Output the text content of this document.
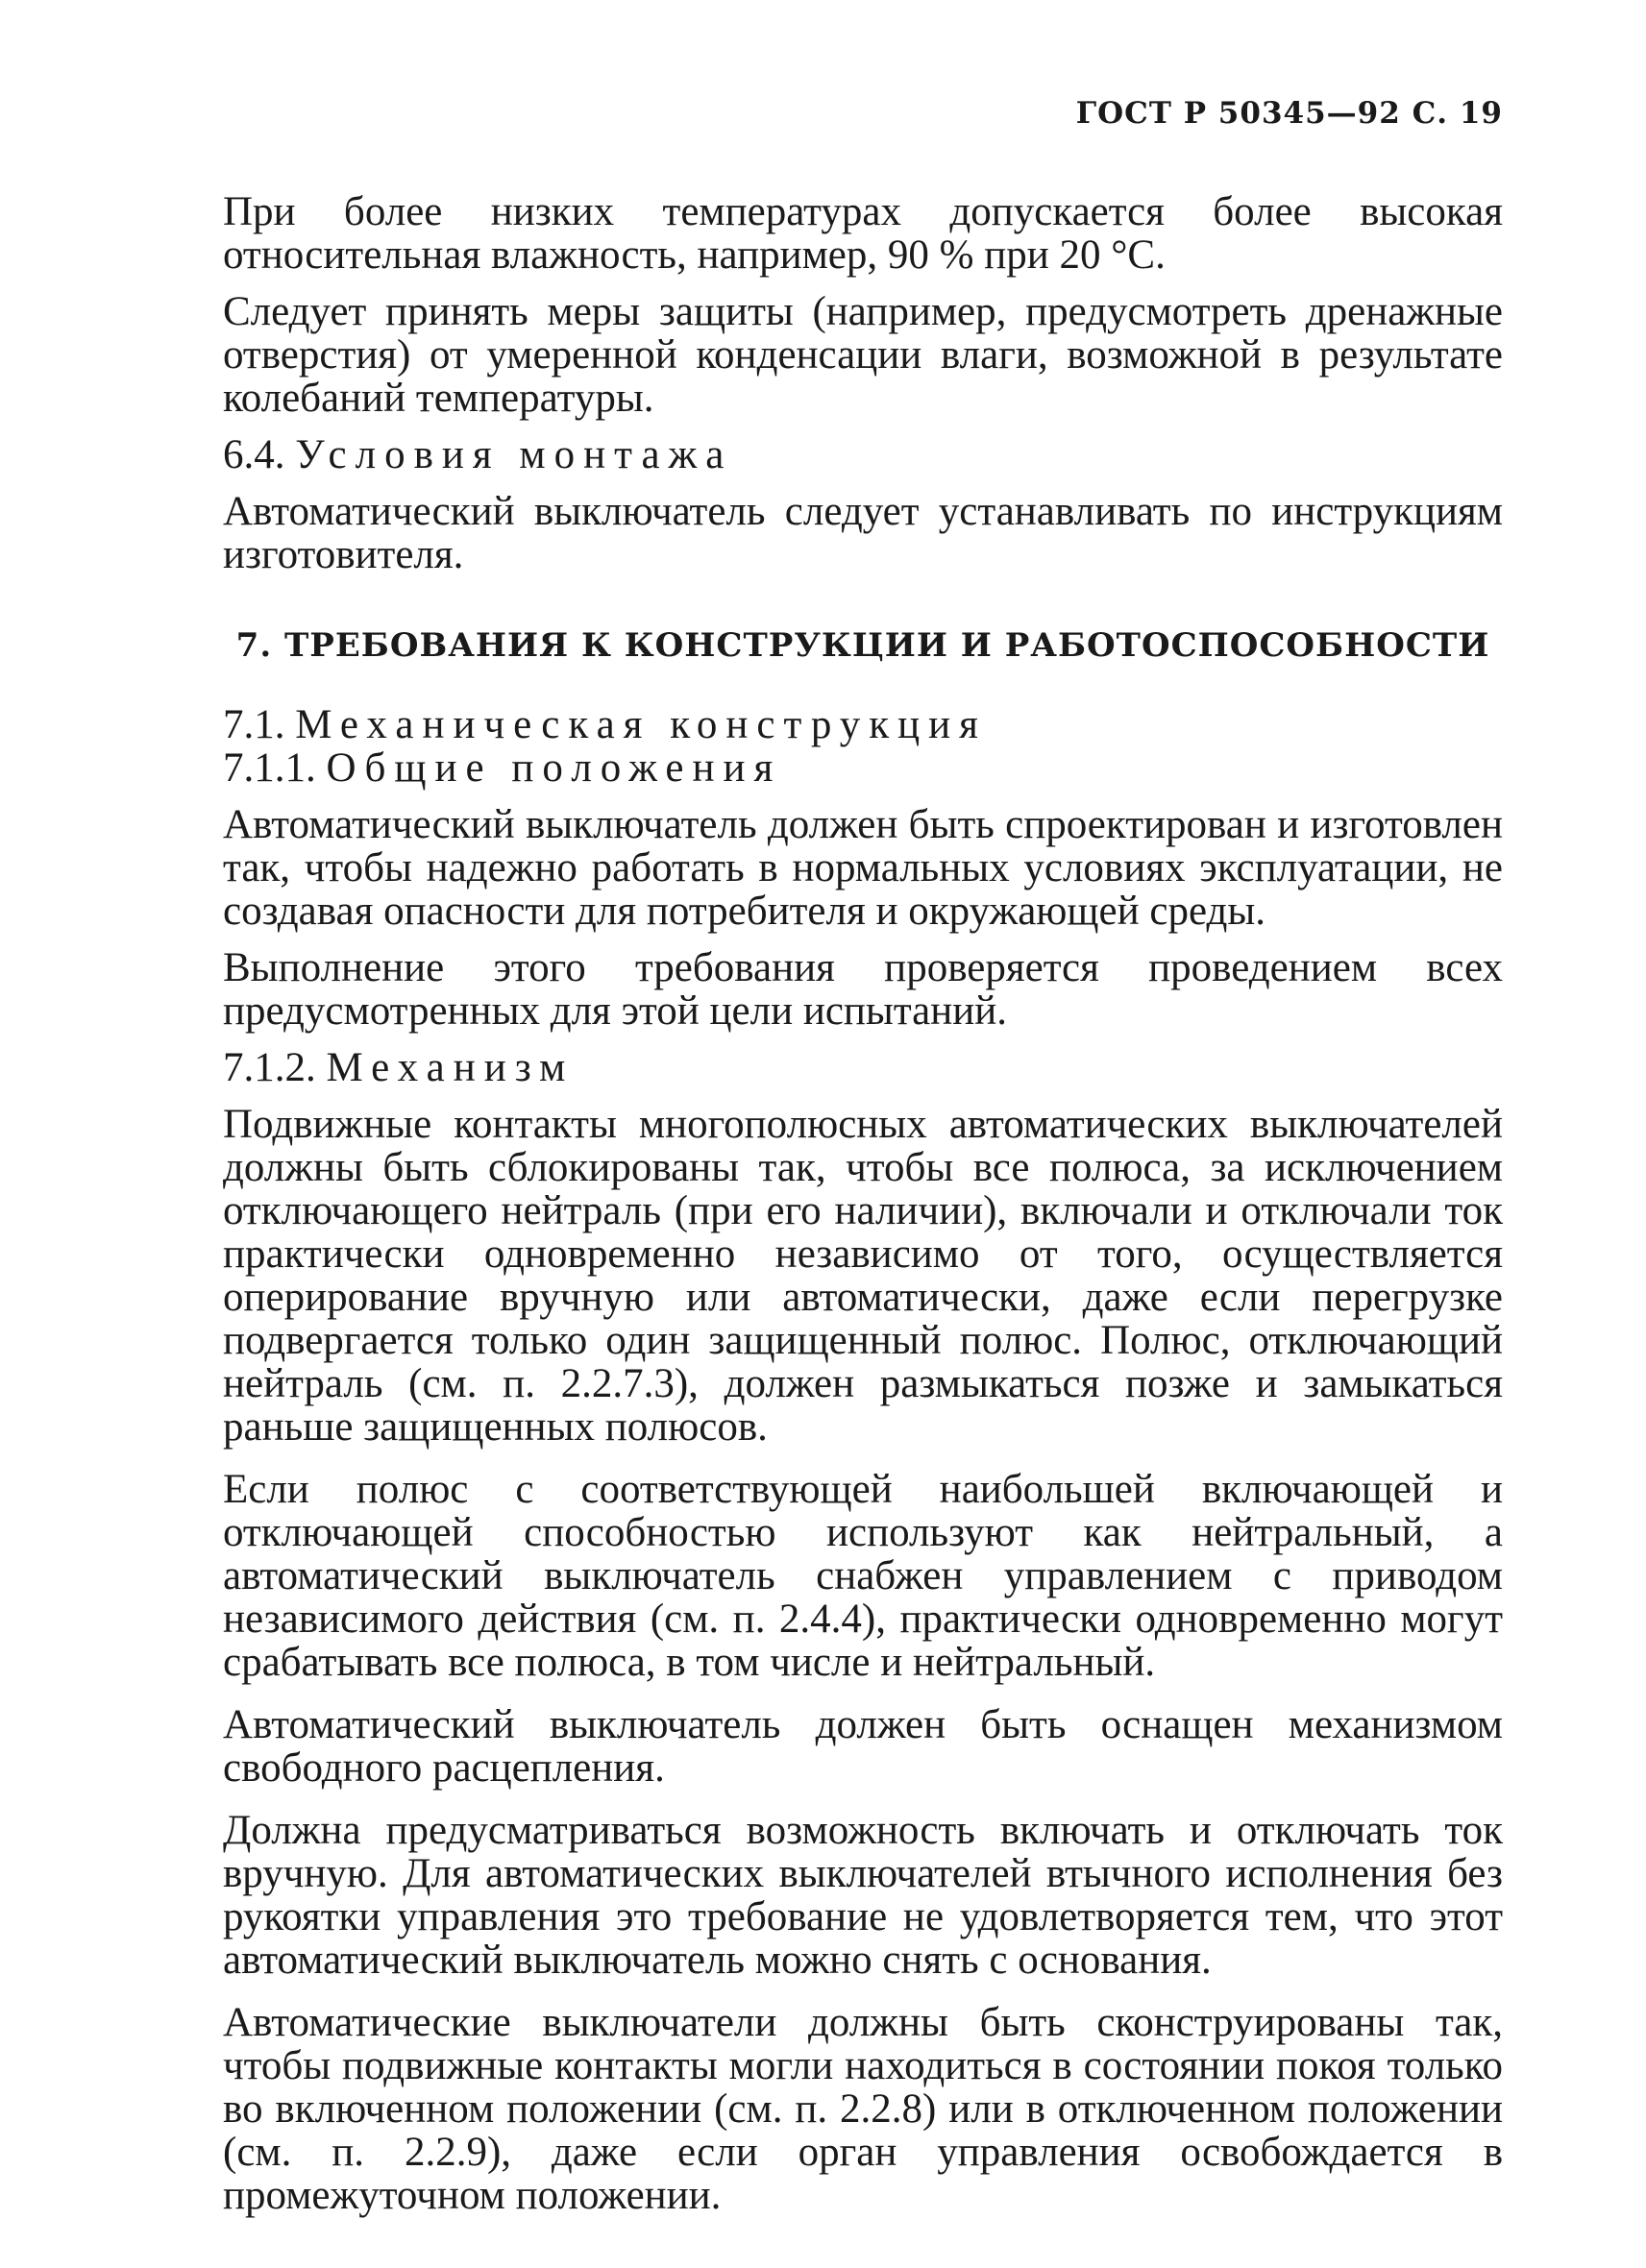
ГОСТ Р 50345—92 С. 19

При более низких температурах допускается более высокая относительная влажность, например, 90 % при 20 °С.

Следует принять меры защиты (например, предусмотреть дренажные отверстия) от умеренной конденсации влаги, возможной в результате колебаний температуры.

6.4. Условия монтажа

Автоматический выключатель следует устанавливать по инструкциям изготовителя.

7. ТРЕБОВАНИЯ К КОНСТРУКЦИИ И РАБОТОСПОСОБНОСТИ

7.1. Механическая конструкция

7.1.1. Общие положения

Автоматический выключатель должен быть спроектирован и изготовлен так, чтобы надежно работать в нормальных условиях эксплуатации, не создавая опасности для потребителя и окружающей среды.

Выполнение этого требования проверяется проведением всех предусмотренных для этой цели испытаний.

7.1.2. Механизм

Подвижные контакты многополюсных автоматических выключателей должны быть сблокированы так, чтобы все полюса, за исключением отключающего нейтраль (при его наличии), включали и отключали ток практически одновременно независимо от того, осуществляется оперирование вручную или автоматически, даже если перегрузке подвергается только один защищенный полюс. Полюс, отключающий нейтраль (см. п. 2.2.7.3), должен размыкаться позже и замыкаться раньше защищенных полюсов.

Если полюс с соответствующей наибольшей включающей и отключающей способностью используют как нейтральный, а автоматический выключатель снабжен управлением с приводом независимого действия (см. п. 2.4.4), практически одновременно могут срабатывать все полюса, в том числе и нейтральный.

Автоматический выключатель должен быть оснащен механизмом свободного расцепления.

Должна предусматриваться возможность включать и отключать ток вручную. Для автоматических выключателей втычного исполнения без рукоятки управления это требование не удовлетворяется тем, что этот автоматический выключатель можно снять с основания.

Автоматические выключатели должны быть сконструированы так, чтобы подвижные контакты могли находиться в состоянии покоя только во включенном положении (см. п. 2.2.8) или в отключенном положении (см. п. 2.2.9), даже если орган управления освобождается в промежуточном положении.
